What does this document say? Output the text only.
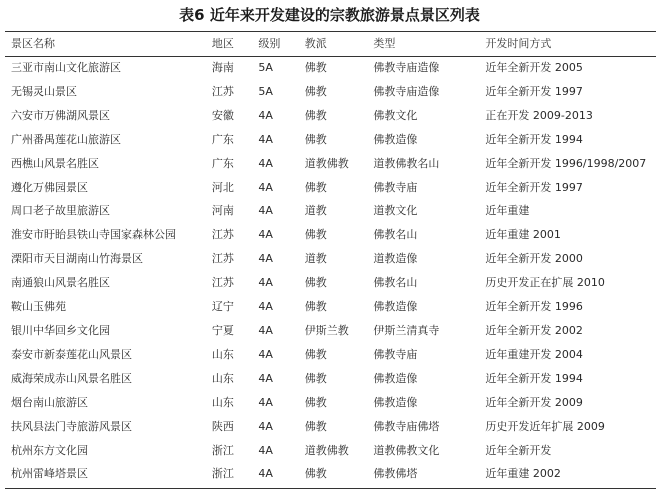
表6 近年来开发建设的宗教旅游景点景区列表
景区名称	地区	级别	教派	类型	开发时间方式
三亚市南山文化旅游区	海南	5A	佛教	佛教寺庙造像	近年全新开发 2005
无锡灵山景区	江苏	5A	佛教	佛教寺庙造像	近年全新开发 1997
六安市万佛湖风景区	安徽	4A	佛教	佛教文化	正在开发 2009-2013
广州番禺莲花山旅游区	广东	4A	佛教	佛教造像	近年全新开发 1994
西樵山风景名胜区	广东	4A	道教佛教	道教佛教名山	近年全新开发 1996/1998/2007
遵化万佛园景区	河北	4A	佛教	佛教寺庙	近年全新开发 1997
周口老子故里旅游区	河南	4A	道教	道教文化	近年重建
淮安市盱眙县铁山寺国家森林公园	江苏	4A	佛教	佛教名山	近年重建 2001
溧阳市天目湖南山竹海景区	江苏	4A	道教	道教造像	近年全新开发 2000
南通狼山风景名胜区	江苏	4A	佛教	佛教名山	历史开发正在扩展 2010
鞍山玉佛苑	辽宁	4A	佛教	佛教造像	近年全新开发 1996
银川中华回乡文化园	宁夏	4A	伊斯兰教	伊斯兰清真寺	近年全新开发 2002
泰安市新泰莲花山风景区	山东	4A	佛教	佛教寺庙	近年重建开发 2004
威海荣成赤山风景名胜区	山东	4A	佛教	佛教造像	近年全新开发 1994
烟台南山旅游区	山东	4A	佛教	佛教造像	近年全新开发 2009
扶风县法门寺旅游风景区	陕西	4A	佛教	佛教寺庙佛塔	历史开发近年扩展 2009
杭州东方文化园	浙江	4A	道教佛教	道教佛教文化	近年全新开发
杭州雷峰塔景区	浙江	4A	佛教	佛教佛塔	近年重建 2002
